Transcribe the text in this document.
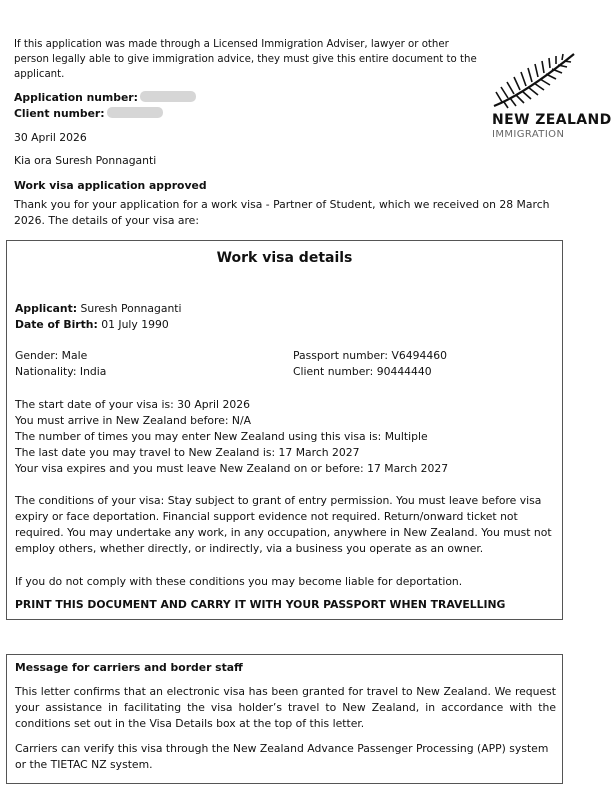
If this application was made through a Licensed Immigration Adviser, lawyer or other person legally able to give immigration advice, they must give this entire document to the applicant.
NEW ZEALAND
IMMIGRATION
Application number:
Client number:
30 April 2026
Kia ora Suresh Ponnaganti
Work visa application approved
Thank you for your application for a work visa - Partner of Student, which we received on 28 March 2026. The details of your visa are:
Work visa details
Applicant: Suresh Ponnaganti
Date of Birth: 01 July 1990
Gender: Male
Nationality: India
Passport number: V6494460
Client number: 90444440
The start date of your visa is: 30 April 2026
You must arrive in New Zealand before: N/A
The number of times you may enter New Zealand using this visa is: Multiple
The last date you may travel to New Zealand is: 17 March 2027
Your visa expires and you must leave New Zealand on or before: 17 March 2027
The conditions of your visa: Stay subject to grant of entry permission. You must leave before visa expiry or face deportation. Financial support evidence not required. Return/onward ticket not required. You may undertake any work, in any occupation, anywhere in New Zealand. You must not employ others, whether directly, or indirectly, via a business you operate as an owner.
If you do not comply with these conditions you may become liable for deportation.
PRINT THIS DOCUMENT AND CARRY IT WITH YOUR PASSPORT WHEN TRAVELLING
Message for carriers and border staff
This letter confirms that an electronic visa has been granted for travel to New Zealand. We request your assistance in facilitating the visa holder’s travel to New Zealand, in accordance with the conditions set out in the Visa Details box at the top of this letter.
Carriers can verify this visa through the New Zealand Advance Passenger Processing (APP) system or the TIETAC NZ system.
